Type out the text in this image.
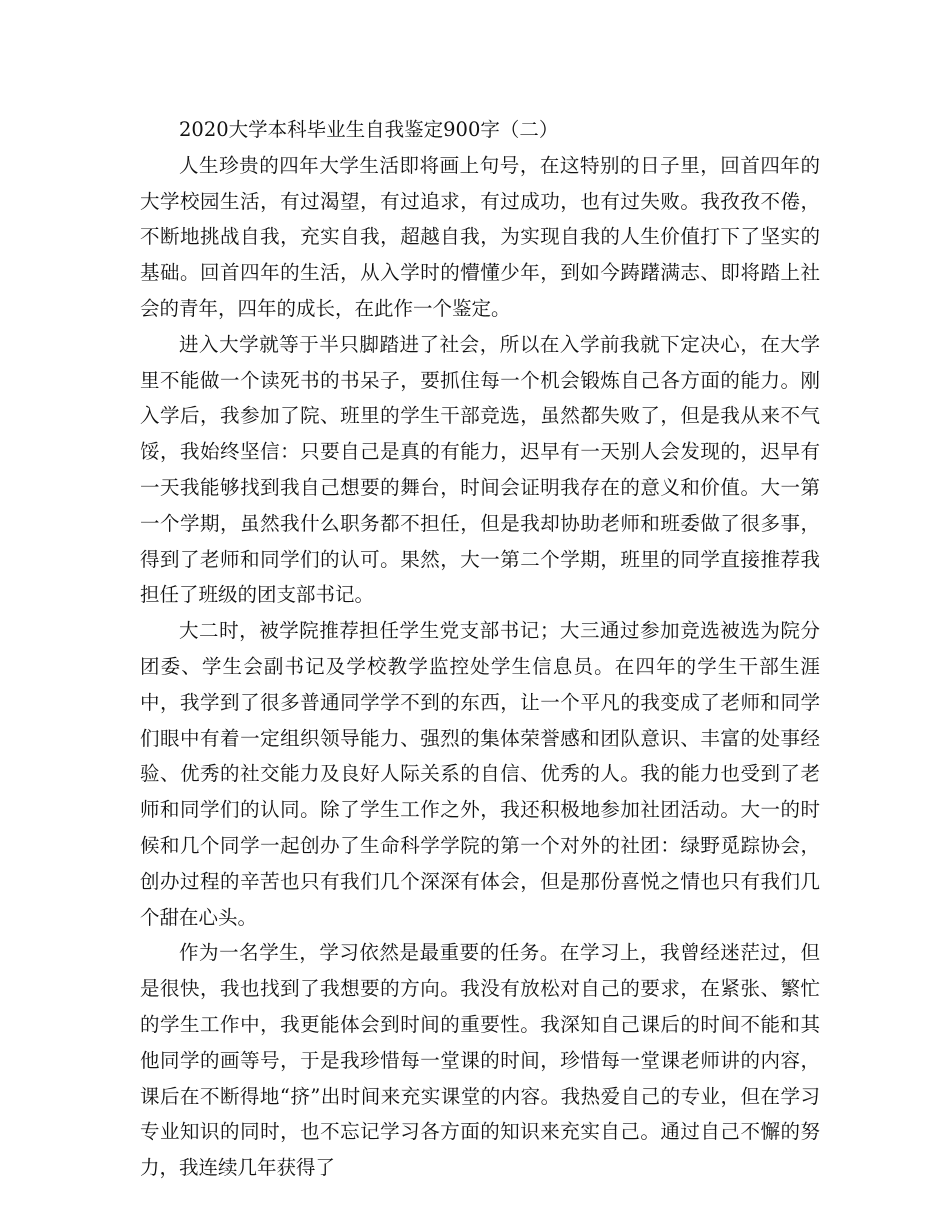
2020大学本科毕业生自我鉴定900字（二）

人生珍贵的四年大学生活即将画上句号，在这特别的日子里，回首四年的大学校园生活，有过渴望，有过追求，有过成功，也有过失败。我孜孜不倦，不断地挑战自我，充实自我，超越自我，为实现自我的人生价值打下了坚实的基础。回首四年的生活，从入学时的懵懂少年，到如今踌躇满志、即将踏上社会的青年，四年的成长，在此作一个鉴定。

进入大学就等于半只脚踏进了社会，所以在入学前我就下定决心，在大学里不能做一个读死书的书呆子，要抓住每一个机会锻炼自己各方面的能力。刚入学后，我参加了院、班里的学生干部竞选，虽然都失败了，但是我从来不气馁，我始终坚信：只要自己是真的有能力，迟早有一天别人会发现的，迟早有一天我能够找到我自己想要的舞台，时间会证明我存在的意义和价值。大一第一个学期，虽然我什么职务都不担任，但是我却协助老师和班委做了很多事，得到了老师和同学们的认可。果然，大一第二个学期，班里的同学直接推荐我担任了班级的团支部书记。

大二时，被学院推荐担任学生党支部书记；大三通过参加竞选被选为院分团委、学生会副书记及学校教学监控处学生信息员。在四年的学生干部生涯中，我学到了很多普通同学学不到的东西，让一个平凡的我变成了老师和同学们眼中有着一定组织领导能力、强烈的集体荣誉感和团队意识、丰富的处事经验、优秀的社交能力及良好人际关系的自信、优秀的人。我的能力也受到了老师和同学们的认同。除了学生工作之外，我还积极地参加社团活动。大一的时候和几个同学一起创办了生命科学学院的第一个对外的社团：绿野觅踪协会，创办过程的辛苦也只有我们几个深深有体会，但是那份喜悦之情也只有我们几个甜在心头。

作为一名学生，学习依然是最重要的任务。在学习上，我曾经迷茫过，但是很快，我也找到了我想要的方向。我没有放松对自己的要求，在紧张、繁忙的学生工作中，我更能体会到时间的重要性。我深知自己课后的时间不能和其他同学的画等号，于是我珍惜每一堂课的时间，珍惜每一堂课老师讲的内容，课后在不断得地“挤”出时间来充实课堂的内容。我热爱自己的专业，但在学习专业知识的同时，也不忘记学习各方面的知识来充实自己。通过自己不懈的努力，我连续几年获得了
